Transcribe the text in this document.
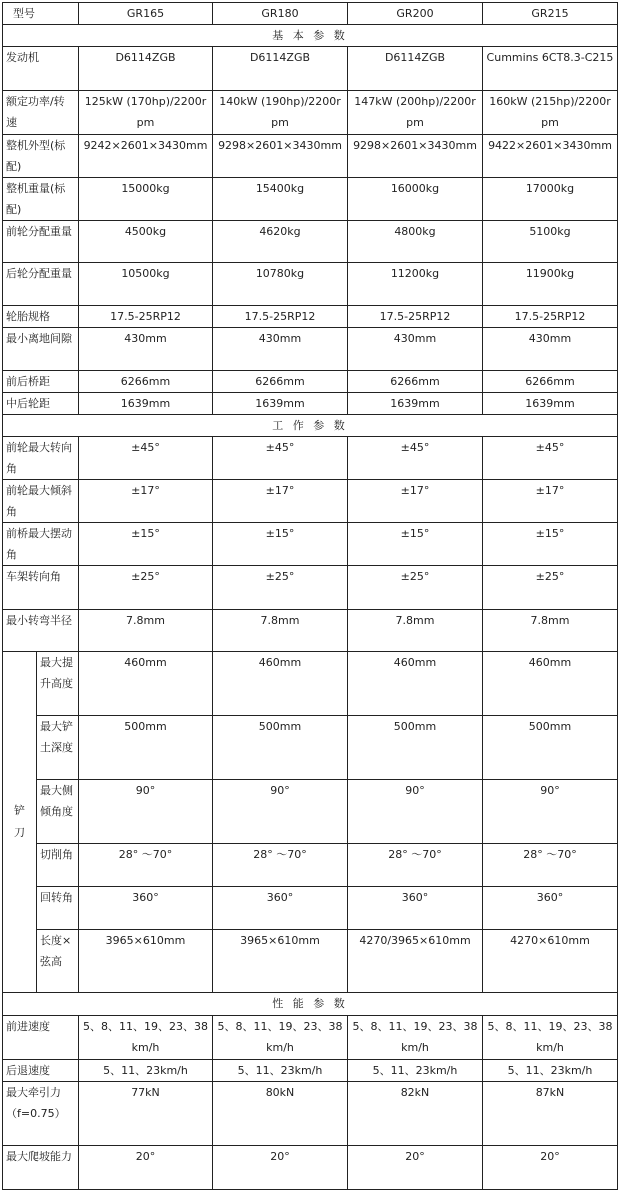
型号		GR165	GR180	GR200	GR215
基 本 参 数					
发动机		D6114ZGB	D6114ZGB	D6114ZGB	Cummins 6CT8.3-C215
额定功率/转速		125kW (170hp)/2200rpm	140kW (190hp)/2200rpm	147kW (200hp)/2200rpm	160kW (215hp)/2200rpm
整机外型(标配)		9242×2601×3430mm	9298×2601×3430mm	9298×2601×3430mm	9422×2601×3430mm
整机重量(标配)		15000kg	15400kg	16000kg	17000kg
前轮分配重量		4500kg	4620kg	4800kg	5100kg
后轮分配重量		10500kg	10780kg	11200kg	11900kg
轮胎规格		17.5-25RP12	17.5-25RP12	17.5-25RP12	17.5-25RP12
最小离地间隙		430mm	430mm	430mm	430mm
前后桥距		6266mm	6266mm	6266mm	6266mm
中后轮距		1639mm	1639mm	1639mm	1639mm
工 作 参 数					
前轮最大转向角		±45°	±45°	±45°	±45°
前轮最大倾斜角		±17°	±17°	±17°	±17°
前桥最大摆动角		±15°	±15°	±15°	±15°
车架转向角		±25°	±25°	±25°	±25°
最小转弯半径		7.8mm	7.8mm	7.8mm	7.8mm
铲刀	最大提升高度	460mm	460mm	460mm	460mm
	最大铲土深度	500mm	500mm	500mm	500mm
	最大侧倾角度	90°	90°	90°	90°
	切削角	28° ～70°	28° ～70°	28° ～70°	28° ～70°
	回转角	360°	360°	360°	360°
	长度×弦高	3965×610mm	3965×610mm	4270/3965×610mm	4270×610mm
性 能 参 数					
前进速度		5、8、11、19、23、38km/h	5、8、11、19、23、38km/h	5、8、11、19、23、38km/h	5、8、11、19、23、38km/h
后退速度		5、11、23km/h	5、11、23km/h	5、11、23km/h	5、11、23km/h
最大牵引力 （f=0.75）		77kN	80kN	82kN	87kN
最大爬坡能力		20°	20°	20°	20°
